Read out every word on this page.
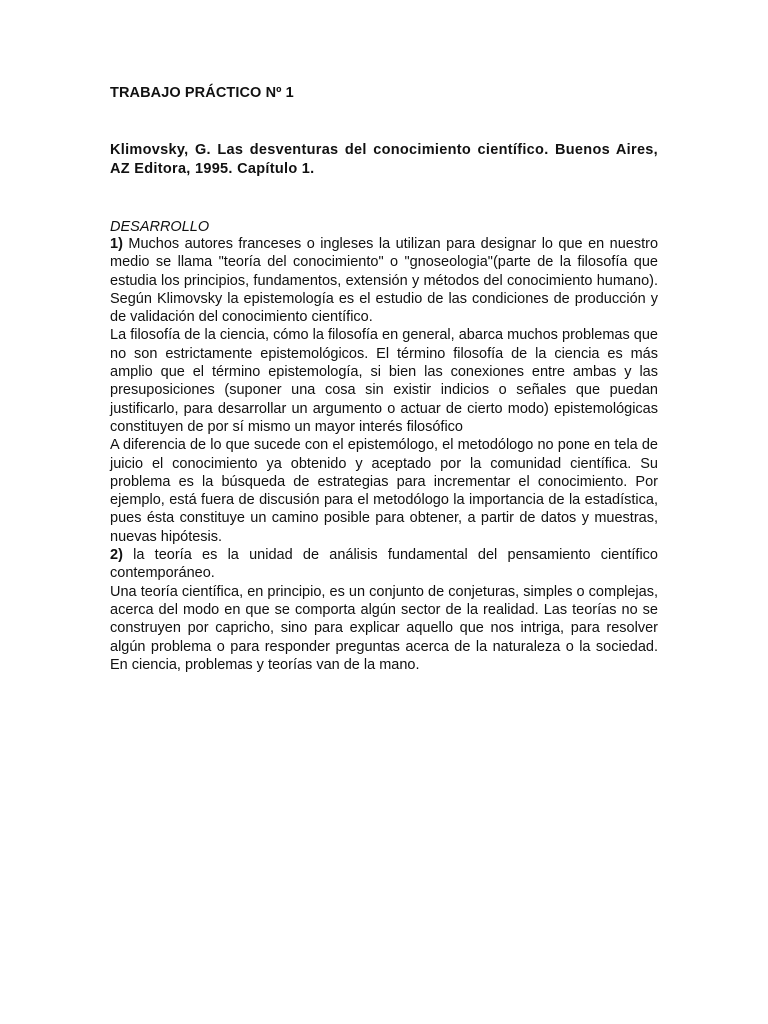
TRABAJO PRÁCTICO Nº 1
Klimovsky, G. Las desventuras del conocimiento científico. Buenos Aires, AZ Editora, 1995. Capítulo 1.
DESARROLLO

1) Muchos autores franceses o ingleses la utilizan para designar lo que en nuestro medio se llama "teoría del conocimiento" o "gnoseologia"(parte de la filosofía que estudia los principios, fundamentos, extensión y métodos del conocimiento humano). Según Klimovsky la epistemología es el estudio de las condiciones de producción y de validación del conocimiento científico.

La filosofía de la ciencia, cómo la filosofía en general, abarca muchos problemas que no son estrictamente epistemológicos. El término filosofía de la ciencia es más amplio que el término epistemología, si bien las conexiones entre ambas y las presuposiciones (suponer una cosa sin existir indicios o señales que puedan justificarlo, para desarrollar un argumento o actuar de cierto modo) epistemológicas constituyen de por sí mismo un mayor interés filosófico

A diferencia de lo que sucede con el epistemólogo, el metodólogo no pone en tela de juicio el conocimiento ya obtenido y aceptado por la comunidad científica. Su problema es la búsqueda de estrategias para incrementar el conocimiento. Por ejemplo, está fuera de discusión para el metodólogo la importancia de la estadística, pues ésta constituye un camino posible para obtener, a partir de datos y muestras, nuevas hipótesis.

2) la teoría es la unidad de análisis fundamental del pensamiento científico contemporáneo.

Una teoría científica, en principio, es un conjunto de conjeturas, simples o complejas, acerca del modo en que se comporta algún sector de la realidad. Las teorías no se construyen por capricho, sino para explicar aquello que nos intriga, para resolver algún problema o para responder preguntas acerca de la naturaleza o la sociedad. En ciencia, problemas y teorías van de la mano.
